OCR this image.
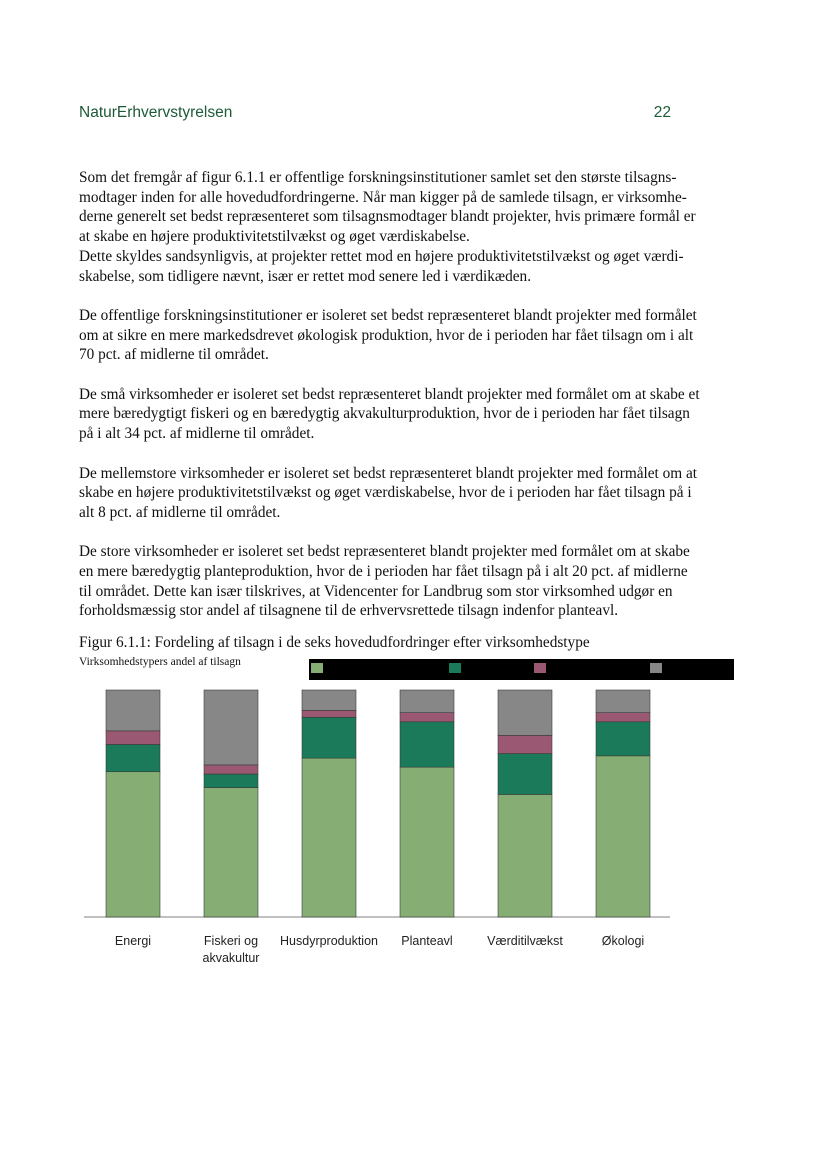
NaturErhvervstyrelsen	22

Som det fremgår af figur 6.1.1 er offentlige forskningsinstitutioner samlet set den største tilsagns-
modtager inden for alle hovedudfordringerne. Når man kigger på de samlede tilsagn, er virksomhe-
derne generelt set bedst repræsenteret som tilsagnsmodtager blandt projekter, hvis primære formål er
at skabe en højere produktivitetstilvækst og øget værdiskabelse.
Dette skyldes sandsynligvis, at projekter rettet mod en højere produktivitetstilvækst og øget værdi-
skabelse, som tidligere nævnt, især er rettet mod senere led i værdikæden.

De offentlige forskningsinstitutioner er isoleret set bedst repræsenteret blandt projekter med formålet
om at sikre en mere markedsdrevet økologisk produktion, hvor de i perioden har fået tilsagn om i alt
70 pct. af midlerne til området.

De små virksomheder er isoleret set bedst repræsenteret blandt projekter med formålet om at skabe et
mere bæredygtigt fiskeri og en bæredygtig akvakulturproduktion, hvor de i perioden har fået tilsagn
på i alt 34 pct. af midlerne til området.

De mellemstore virksomheder er isoleret set bedst repræsenteret blandt projekter med formålet om at
skabe en højere produktivitetstilvækst og øget værdiskabelse, hvor de i perioden har fået tilsagn på i
alt 8 pct. af midlerne til området.

De store virksomheder er isoleret set bedst repræsenteret blandt projekter med formålet om at skabe
en mere bæredygtig planteproduktion, hvor de i perioden har fået tilsagn på i alt 20 pct. af midlerne
til området. Dette kan især tilskrives, at Videncenter for Landbrug som stor virksomhed udgør en
forholdsmæssig stor andel af tilsagnene til de erhvervsrettede tilsagn indenfor planteavl.

Figur 6.1.1: Fordeling af tilsagn i de seks hovedudfordringer efter virksomhedstype
Virksomhedstypers andel af tilsagn
Energi	Fiskeri og
akvakultur
Husdyrproduktion Planteavl	Værditilvækst	Økologi
